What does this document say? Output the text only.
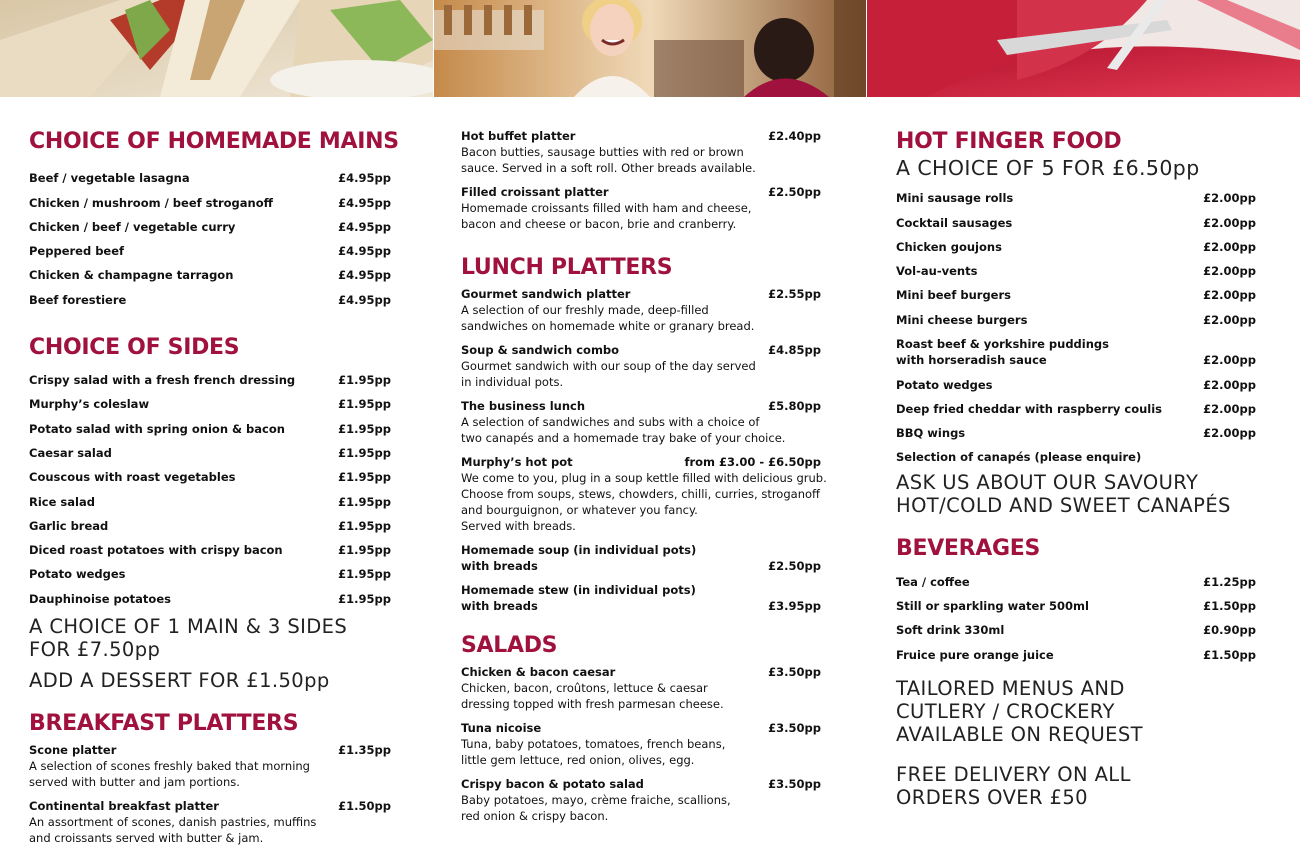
CHOICE OF HOMEMADE MAINS
Beef / vegetable lasagna	£4.95pp
Chicken / mushroom / beef stroganoff	£4.95pp
Chicken / beef / vegetable curry	£4.95pp
Peppered beef	£4.95pp
Chicken & champagne tarragon	£4.95pp
Beef forestiere	£4.95pp
CHOICE OF SIDES
Crispy salad with a fresh french dressing	£1.95pp
Murphy’s coleslaw	£1.95pp
Potato salad with spring onion & bacon	£1.95pp
Caesar salad	£1.95pp
Couscous with roast vegetables	£1.95pp
Rice salad	£1.95pp
Garlic bread	£1.95pp
Diced roast potatoes with crispy bacon	£1.95pp
Potato wedges	£1.95pp
Dauphinoise potatoes	£1.95pp
A CHOICE OF 1 MAIN & 3 SIDES
FOR £7.50pp
ADD A DESSERT FOR £1.50pp
BREAKFAST PLATTERS
Scone platter	£1.35pp
A selection of scones freshly baked that morning
served with butter and jam portions.
Continental breakfast platter	£1.50pp
An assortment of scones, danish pastries, muffins
and croissants served with butter & jam.
Hot buffet platter	£2.40pp
Bacon butties, sausage butties with red or brown
sauce. Served in a soft roll. Other breads available.
Filled croissant platter	£2.50pp
Homemade croissants filled with ham and cheese,
bacon and cheese or bacon, brie and cranberry.
LUNCH PLATTERS
Gourmet sandwich platter	£2.55pp
A selection of our freshly made, deep-filled
sandwiches on homemade white or granary bread.
Soup & sandwich combo	£4.85pp
Gourmet sandwich with our soup of the day served
in individual pots.
The business lunch	£5.80pp
A selection of sandwiches and subs with a choice of
two canapés and a homemade tray bake of your choice.
Murphy’s hot pot	from £3.00 - £6.50pp
We come to you, plug in a soup kettle filled with delicious grub.
Choose from soups, stews, chowders, chilli, curries, stroganoff
and bourguignon, or whatever you fancy.
Served with breads.
Homemade soup (in individual pots)
with breads	£2.50pp
Homemade stew (in individual pots)
with breads	£3.95pp
SALADS
Chicken & bacon caesar	£3.50pp
Chicken, bacon, croûtons, lettuce & caesar
dressing topped with fresh parmesan cheese.
Tuna nicoise	£3.50pp
Tuna, baby potatoes, tomatoes, french beans,
little gem lettuce, red onion, olives, egg.
Crispy bacon & potato salad	£3.50pp
Baby potatoes, mayo, crème fraiche, scallions,
red onion & crispy bacon.
HOT FINGER FOOD
A CHOICE OF 5 FOR £6.50pp
Mini sausage rolls	£2.00pp
Cocktail sausages	£2.00pp
Chicken goujons	£2.00pp
Vol-au-vents	£2.00pp
Mini beef burgers	£2.00pp
Mini cheese burgers	£2.00pp
Roast beef & yorkshire puddings
with horseradish sauce	£2.00pp
Potato wedges	£2.00pp
Deep fried cheddar with raspberry coulis	£2.00pp
BBQ wings	£2.00pp
Selection of canapés (please enquire)
ASK US ABOUT OUR SAVOURY
HOT/COLD AND SWEET CANAPÉS
BEVERAGES
Tea / coffee	£1.25pp
Still or sparkling water 500ml	£1.50pp
Soft drink 330ml	£0.90pp
Fruice pure orange juice	£1.50pp
TAILORED MENUS AND
CUTLERY / CROCKERY
AVAILABLE ON REQUEST
FREE DELIVERY ON ALL
ORDERS OVER £50
